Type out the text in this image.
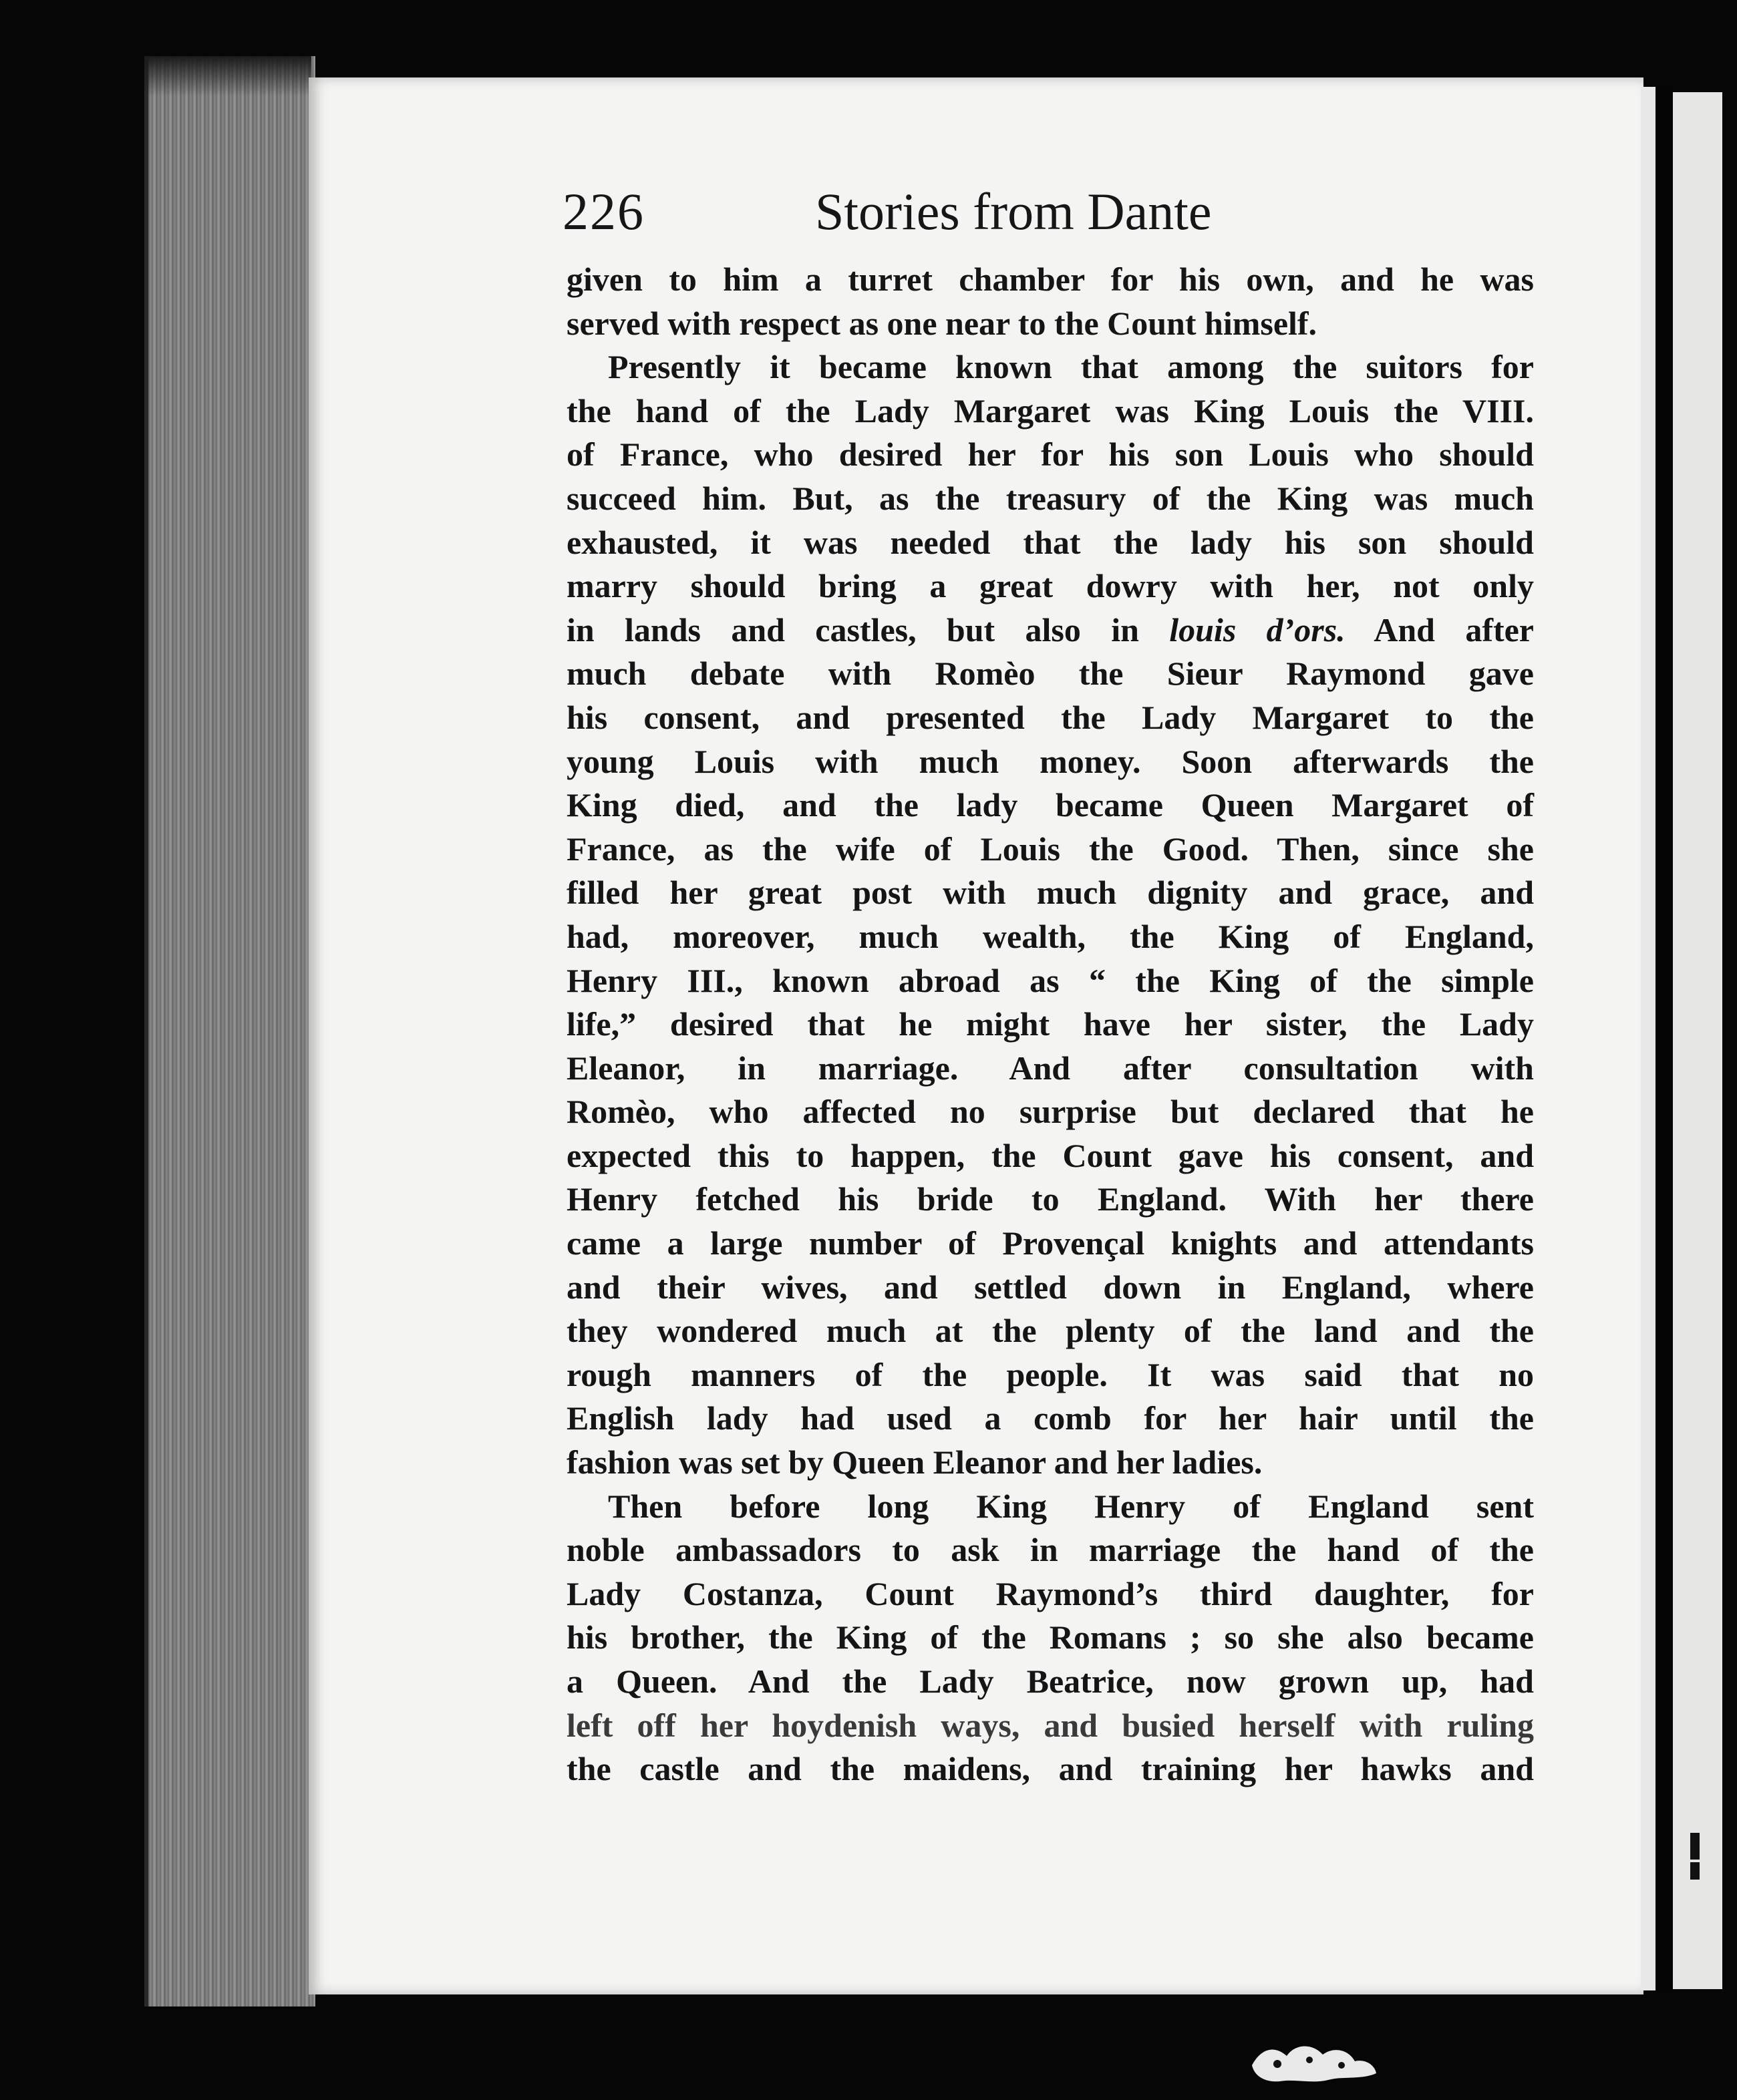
226	Stories from Dante
given to him a turret chamber for his own, and he was
served with respect as one near to the Count himself.
Presently it became known that among the suitors for
the hand of the Lady Margaret was King Louis the VIII.
of France, who desired her for his son Louis who should
succeed him. But, as the treasury of the King was much
exhausted, it was needed that the lady his son should
marry should bring a great dowry with her, not only
in lands and castles, but also in louis d’ors. And after
much debate with Romèo the Sieur Raymond gave
his consent, and presented the Lady Margaret to the
young Louis with much money. Soon afterwards the
King died, and the lady became Queen Margaret of
France, as the wife of Louis the Good. Then, since she
filled her great post with much dignity and grace, and
had, moreover, much wealth, the King of England,
Henry III., known abroad as “ the King of the simple
life,” desired that he might have her sister, the Lady
Eleanor, in marriage. And after consultation with
Romèo, who affected no surprise but declared that he
expected this to happen, the Count gave his consent, and
Henry fetched his bride to England. With her there
came a large number of Provençal knights and attendants
and their wives, and settled down in England, where
they wondered much at the plenty of the land and the
rough manners of the people. It was said that no
English lady had used a comb for her hair until the
fashion was set by Queen Eleanor and her ladies.
Then before long King Henry of England sent
noble ambassadors to ask in marriage the hand of the
Lady Costanza, Count Raymond’s third daughter, for
his brother, the King of the Romans ; so she also became
a Queen. And the Lady Beatrice, now grown up, had
left off her hoydenish ways, and busied herself with ruling
the castle and the maidens, and training her hawks and
